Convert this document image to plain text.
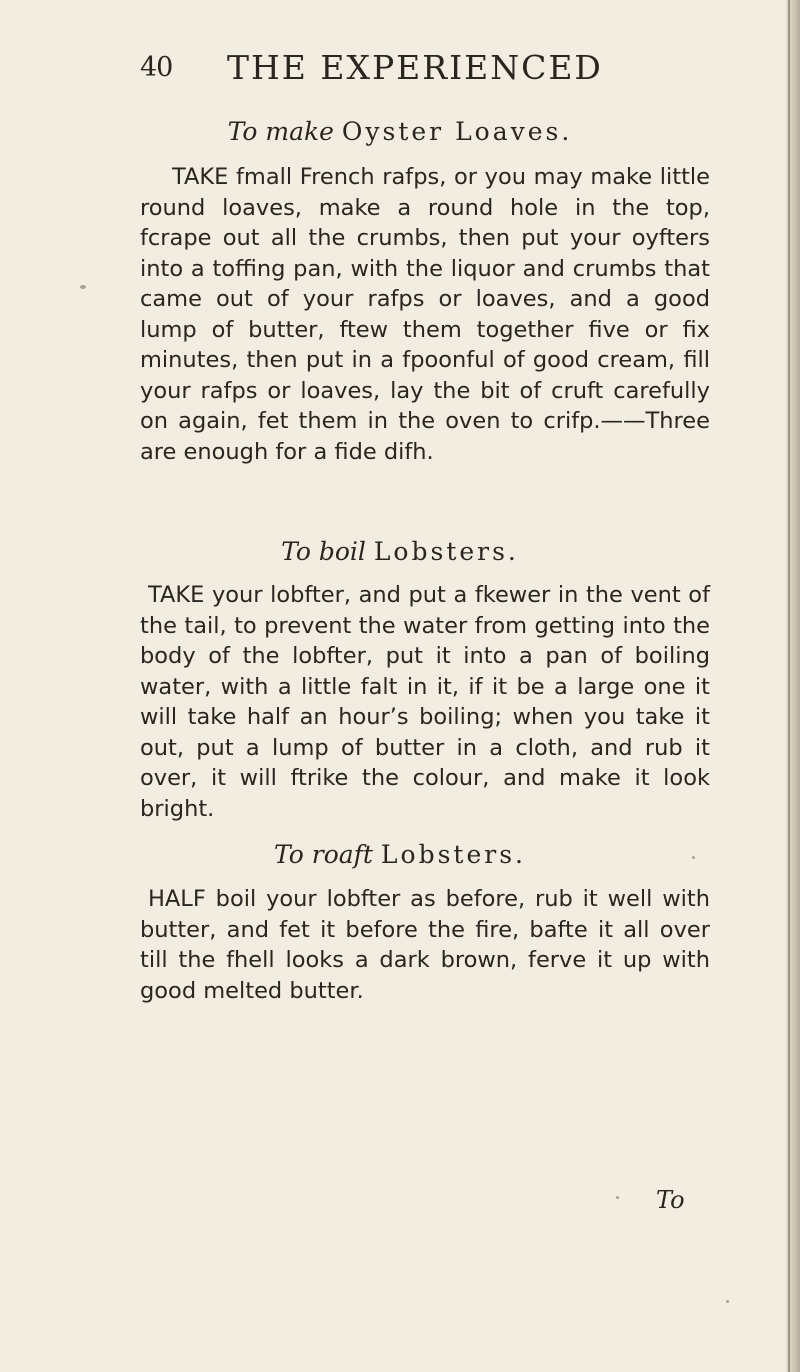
40 THE EXPERIENCED
To make Oyster Loaves.
TAKE fmall French rafps, or you may make little round loaves, make a round hole in the top, fcrape out all the crumbs, then put your oyfters into a toffing pan, with the liquor and crumbs that came out of your rafps or loaves, and a good lump of butter, ftew them together five or fix minutes, then put in a fpoonful of good cream, fill your rafps or loaves, lay the bit of cruft carefully on again, fet them in the oven to crifp.——Three are enough for a fide difh.
To boil Lobsters.
TAKE your lobfter, and put a fkewer in the vent of the tail, to prevent the water from getting into the body of the lobfter, put it into a pan of boiling water, with a little falt in it, if it be a large one it will take half an hour’s boiling; when you take it out, put a lump of butter in a cloth, and rub it over, it will ftrike the colour, and make it look bright.
To roaft Lobsters.
HALF boil your lobfter as before, rub it well with butter, and fet it before the fire, bafte it all over till the fhell looks a dark brown, ferve it up with good melted butter.
To
